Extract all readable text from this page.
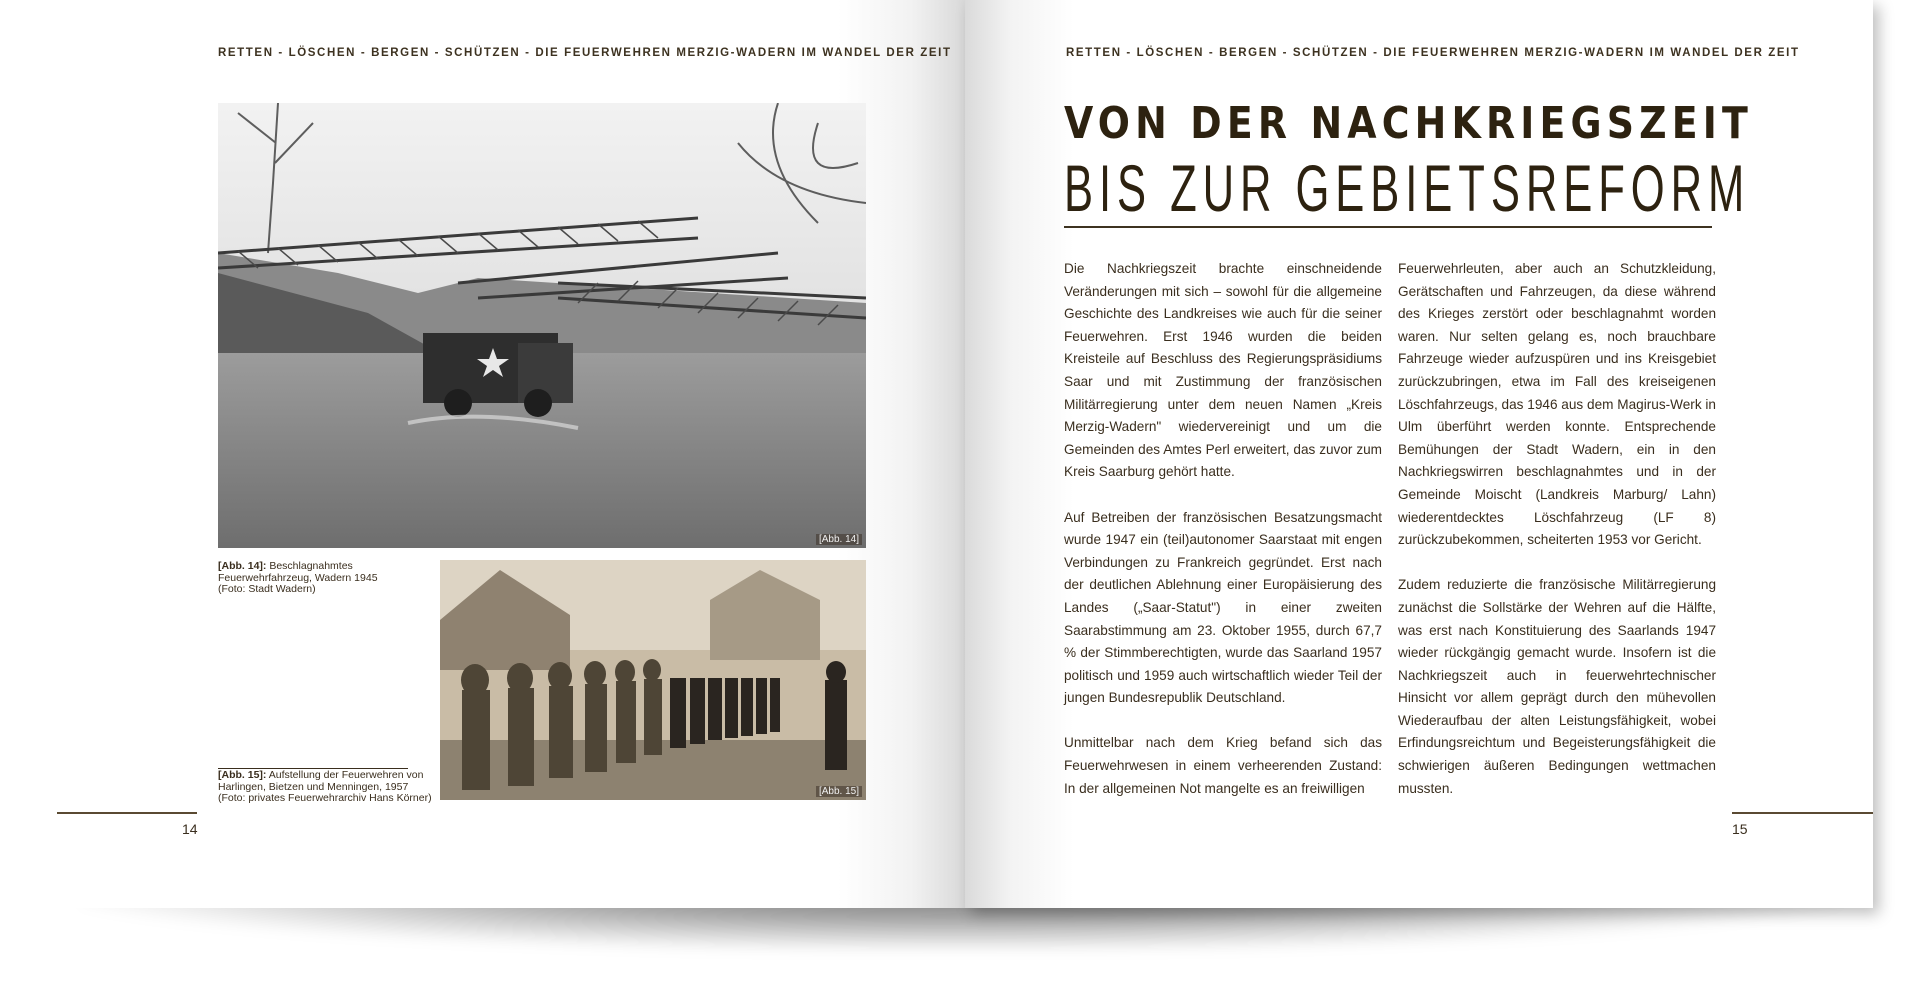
RETTEN - LÖSCHEN - BERGEN - SCHÜTZEN - DIE FEUERWEHREN MERZIG-WADERN IM WANDEL DER ZEIT	RETTEN - LÖSCHEN - BERGEN - SCHÜTZEN - DIE FEUERWEHREN MERZIG-WADERN IM WANDEL DER ZEIT
[Abb. 14]
[Abb. 14]: Beschlagnahmtes Feuerwehrfahrzeug, Wadern 1945
(Foto: Stadt Wadern)
[Abb. 15]
[Abb. 15]: Aufstellung der Feuerwehren von Harlingen, Bietzen und Menningen, 1957
(Foto: privates Feuerwehrarchiv Hans Körner)
14	15
VON DER NACHKRIEGSZEIT
BIS ZUR GEBIETSREFORM

Die Nachkriegszeit brachte einschneidende Veränderungen mit sich – sowohl für die allgemeine Geschichte des Landkreises wie auch für die seiner Feuerwehren. Erst 1946 wurden die beiden Kreisteile auf Beschluss des Regierungspräsidiums Saar und mit Zustimmung der französischen Militärregierung unter dem neuen Namen „Kreis Merzig-Wadern" wiedervereinigt und um die Gemeinden des Amtes Perl erweitert, das zuvor zum Kreis Saarburg gehört hatte.

Auf Betreiben der französischen Besatzungsmacht wurde 1947 ein (teil)autonomer Saarstaat mit engen Verbindungen zu Frankreich gegründet. Erst nach der deutlichen Ablehnung einer Europäisierung des Landes („Saar-Statut") in einer zweiten Saarabstimmung am 23. Oktober 1955, durch 67,7 % der Stimmberechtigten, wurde das Saarland 1957 politisch und 1959 auch wirtschaftlich wieder Teil der jungen Bundesrepublik Deutschland.

Unmittelbar nach dem Krieg befand sich das Feuerwehrwesen in einem verheerenden Zustand: In der allgemeinen Not mangelte es an freiwilligen

Feuerwehrleuten, aber auch an Schutzkleidung, Gerätschaften und Fahrzeugen, da diese während des Krieges zerstört oder beschlagnahmt worden waren. Nur selten gelang es, noch brauchbare Fahrzeuge wieder aufzuspüren und ins Kreisgebiet zurückzubringen, etwa im Fall des kreiseigenen Löschfahrzeugs, das 1946 aus dem Magirus-Werk in Ulm überführt werden konnte. Entsprechende Bemühungen der Stadt Wadern, ein in den Nachkriegswirren beschlagnahmtes und in der Gemeinde Moischt (Landkreis Marburg/ Lahn) wiederentdecktes Löschfahrzeug (LF 8) zurückzubekommen, scheiterten 1953 vor Gericht.

Zudem reduzierte die französische Militärregierung zunächst die Sollstärke der Wehren auf die Hälfte, was erst nach Konstituierung des Saarlands 1947 wieder rückgängig gemacht wurde. Insofern ist die Nachkriegszeit auch in feuerwehrtechnischer Hinsicht vor allem geprägt durch den mühevollen Wiederaufbau der alten Leistungsfähigkeit, wobei Erfindungsreichtum und Begeisterungsfähigkeit die schwierigen äußeren Bedingungen wettmachen mussten.
